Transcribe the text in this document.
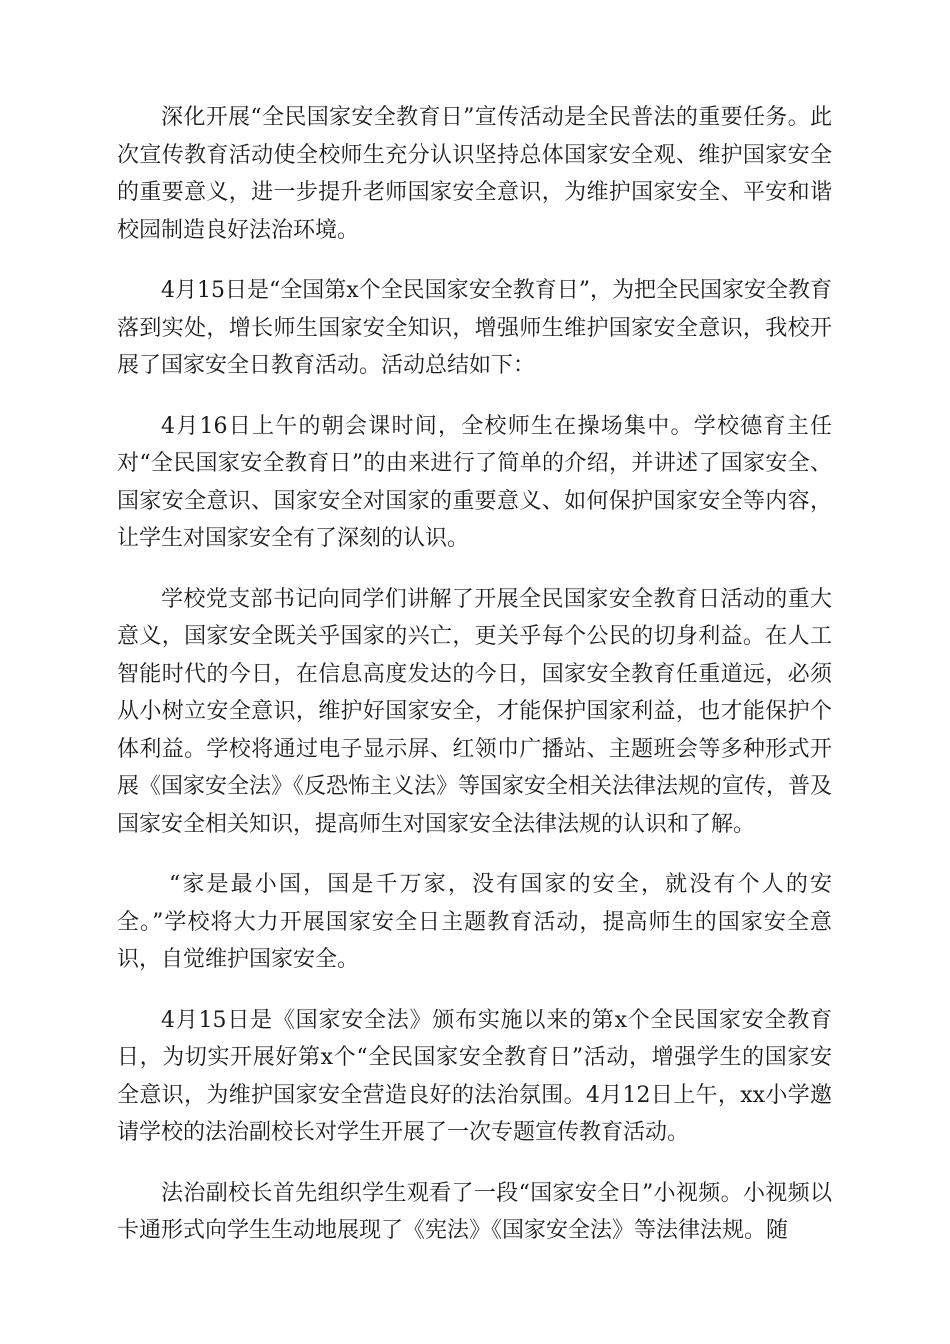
深化开展“全民国家安全教育日”宣传活动是全民普法的重要任务。此次宣传教育活动使全校师生充分认识坚持总体国家安全观、维护国家安全的重要意义，进一步提升老师国家安全意识，为维护国家安全、平安和谐校园制造良好法治环境。

4月15日是“全国第x个全民国家安全教育日”，为把全民国家安全教育落到实处，增长师生国家安全知识，增强师生维护国家安全意识，我校开展了国家安全日教育活动。活动总结如下：

4月16日上午的朝会课时间，全校师生在操场集中。学校德育主任对“全民国家安全教育日”的由来进行了简单的介绍，并讲述了国家安全、国家安全意识、国家安全对国家的重要意义、如何保护国家安全等内容，让学生对国家安全有了深刻的认识。

学校党支部书记向同学们讲解了开展全民国家安全教育日活动的重大意义，国家安全既关乎国家的兴亡，更关乎每个公民的切身利益。在人工智能时代的今日，在信息高度发达的今日，国家安全教育任重道远，必须从小树立安全意识，维护好国家安全，才能保护国家利益，也才能保护个体利益。学校将通过电子显示屏、红领巾广播站、主题班会等多种形式开展《国家安全法》《反恐怖主义法》等国家安全相关法律法规的宣传，普及国家安全相关知识，提高师生对国家安全法律法规的认识和了解。

“家是最小国，国是千万家，没有国家的安全，就没有个人的安全。”学校将大力开展国家安全日主题教育活动，提高师生的国家安全意识，自觉维护国家安全。

4月15日是《国家安全法》颁布实施以来的第x个全民国家安全教育日，为切实开展好第x个“全民国家安全教育日”活动，增强学生的国家安全意识，为维护国家安全营造良好的法治氛围。4月12日上午，xx小学邀请学校的法治副校长对学生开展了一次专题宣传教育活动。

法治副校长首先组织学生观看了一段“国家安全日”小视频。小视频以卡通形式向学生生动地展现了《宪法》《国家安全法》等法律法规。随
